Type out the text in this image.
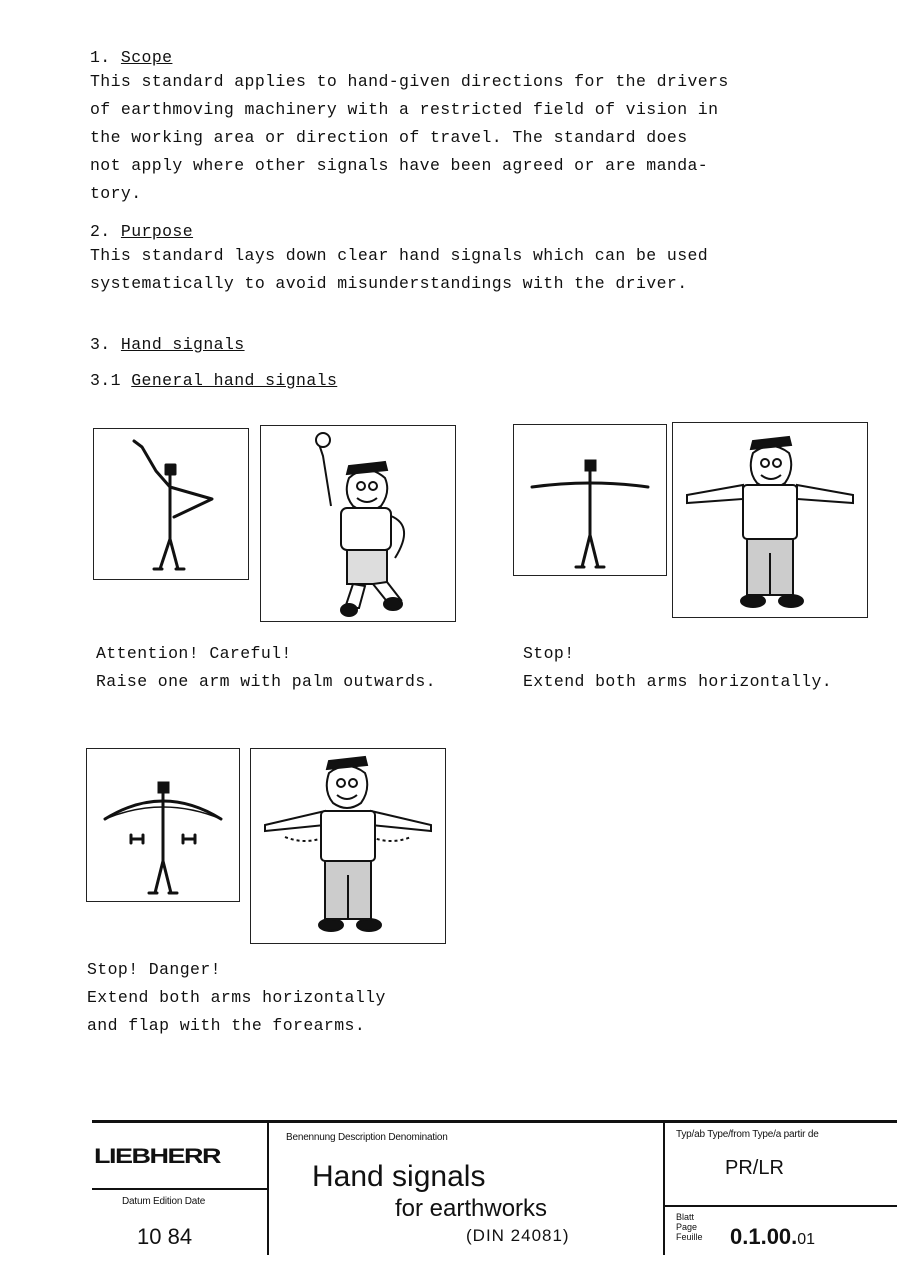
1. Scope

This standard applies to hand-given directions for the drivers

of earthmoving machinery with a restricted field of vision in

the working area or direction of travel. The standard does

not apply where other signals have been agreed or are manda-

tory.

2. Purpose

This standard lays down clear hand signals which can be used

systematically to avoid misunderstandings with the driver.

3. Hand signals
3.1 General hand signals
Attention! Careful!
Raise one arm with palm outwards.
Stop!
Extend both arms horizontally.
Stop! Danger!
Extend both arms horizontally
and flap with the forearms.
LIEBHERR
Datum Edition Date
10 84
Benennung Description Denomination
Hand signals
for earthworks
(DIN 24081)
Typ/ab Type/from Type/a partir de
PR/LR
Blatt
Page
Feuille 0.1.00.01
